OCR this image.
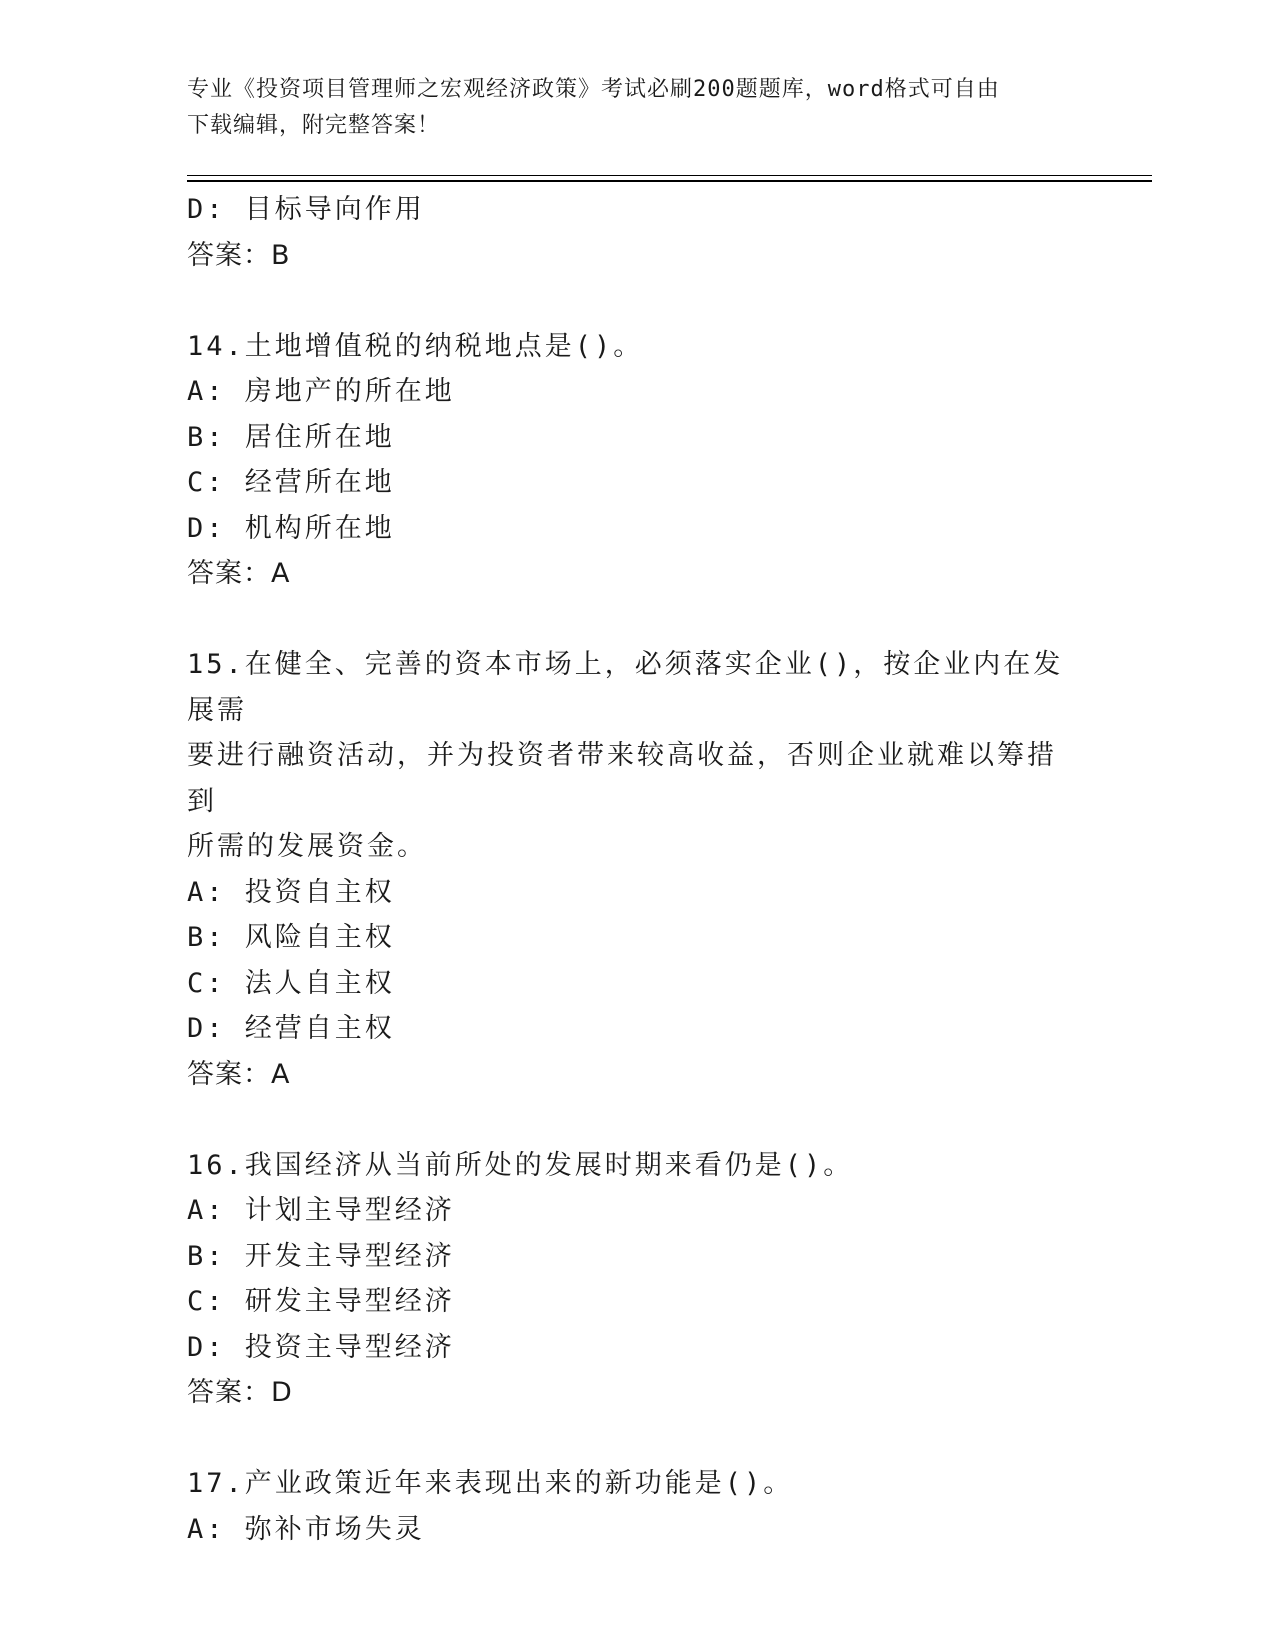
专业《投资项目管理师之宏观经济政策》考试必刷200题题库，word格式可自由
下载编辑，附完整答案！
D: 目标导向作用
答案：B
14.土地增值税的纳税地点是()。
A: 房地产的所在地
B: 居住所在地
C: 经营所在地
D: 机构所在地
答案：A
15.在健全、完善的资本市场上，必须落实企业()，按企业内在发展需
要进行融资活动，并为投资者带来较高收益，否则企业就难以筹措到
所需的发展资金。
A: 投资自主权
B: 风险自主权
C: 法人自主权
D: 经营自主权
答案：A
16.我国经济从当前所处的发展时期来看仍是()。
A: 计划主导型经济
B: 开发主导型经济
C: 研发主导型经济
D: 投资主导型经济
答案：D
17.产业政策近年来表现出来的新功能是()。
A: 弥补市场失灵
